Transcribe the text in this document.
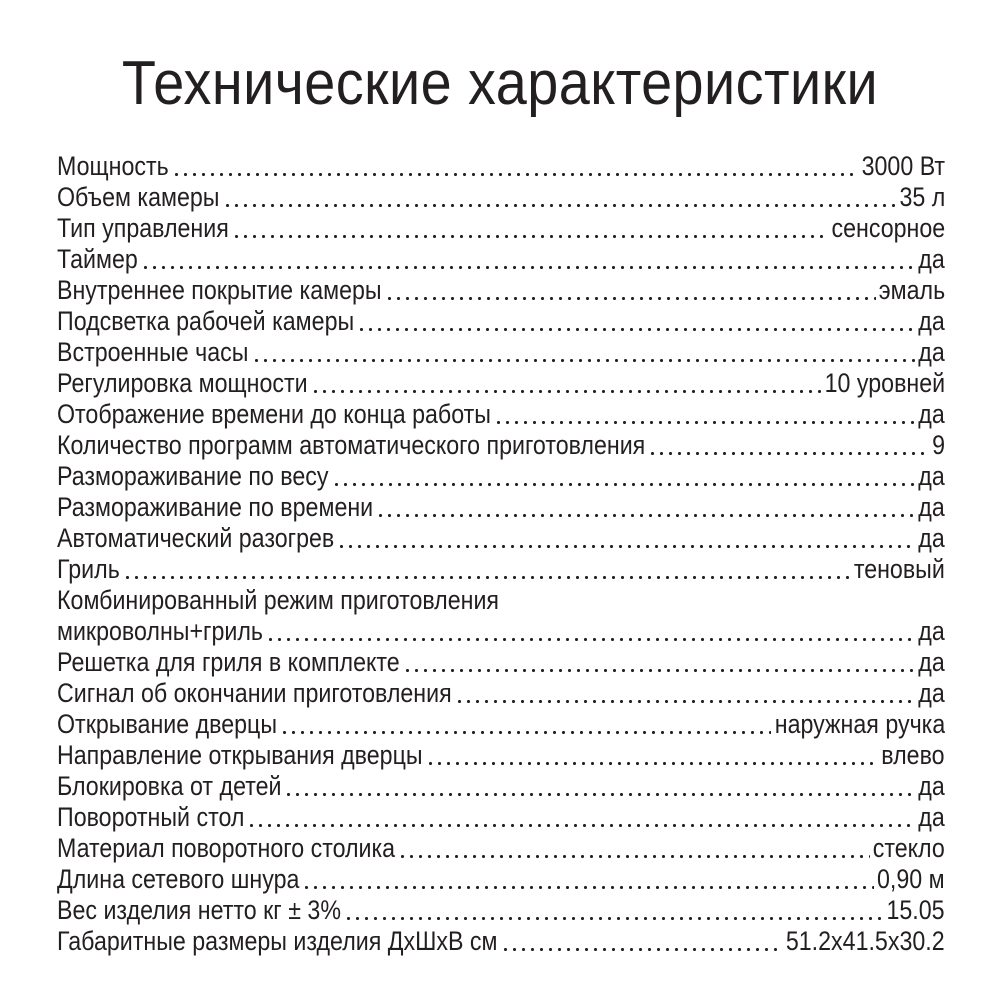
Технические характеристики
Мощность	3000 Вт
Объем камеры	35 л
Тип управления	сенсорное
Таймер	да
Внутреннее покрытие камеры	эмаль
Подсветка рабочей камеры	да
Встроенные часы	да
Регулировка мощности	10 уровней
Отображение времени до конца работы	да
Количество программ автоматического приготовления	9
Размораживание по весу	да
Размораживание по времени	да
Автоматический разогрев	да
Гриль	теновый
Комбинированный режим приготовления
микроволны+гриль	да
Решетка для гриля в комплекте	да
Сигнал об окончании приготовления	да
Открывание дверцы	наружная ручка
Направление открывания дверцы	влево
Блокировка от детей	да
Поворотный стол	да
Материал поворотного столика	стекло
Длина сетевого шнура	0,90 м
Вес изделия нетто кг ± 3%	15.05
Габаритные размеры изделия ДхШхВ см	51.2х41.5х30.2
